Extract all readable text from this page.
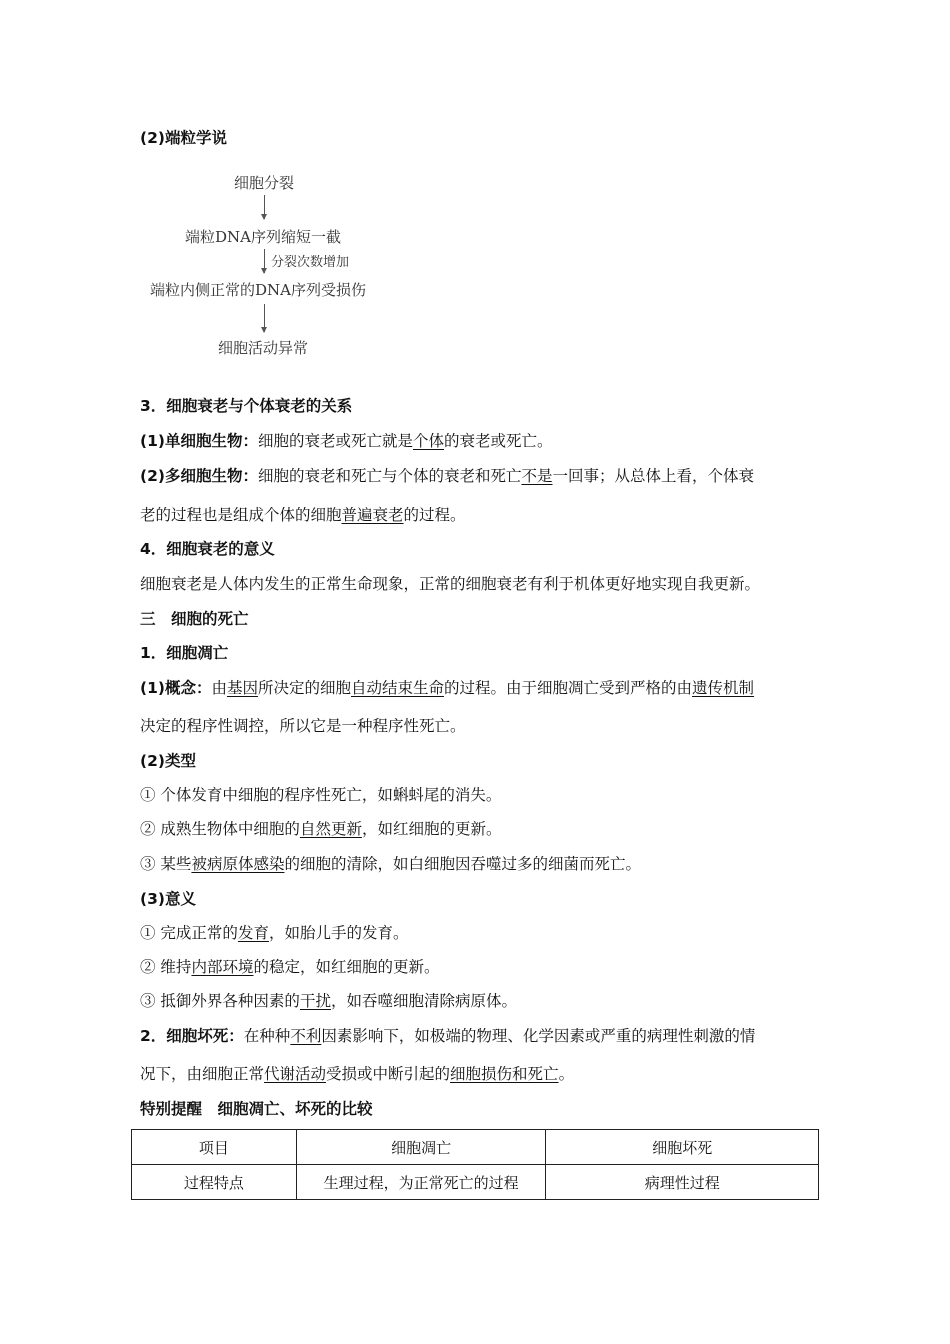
(2)端粒学说
细胞分裂
端粒DNA序列缩短一截
分裂次数增加
端粒内侧正常的DNA序列受损伤
细胞活动异常
3．细胞衰老与个体衰老的关系
(1)单细胞生物：细胞的衰老或死亡就是个体的衰老或死亡。
(2)多细胞生物：细胞的衰老和死亡与个体的衰老和死亡不是一回事；从总体上看，个体衰
老的过程也是组成个体的细胞普遍衰老的过程。
4．细胞衰老的意义
细胞衰老是人体内发生的正常生命现象，正常的细胞衰老有利于机体更好地实现自我更新。
三　细胞的死亡
1．细胞凋亡
(1)概念：由基因所决定的细胞自动结束生命的过程。由于细胞凋亡受到严格的由遗传机制
决定的程序性调控，所以它是一种程序性死亡。
(2)类型
① 个体发育中细胞的程序性死亡，如蝌蚪尾的消失。
② 成熟生物体中细胞的自然更新，如红细胞的更新。
③ 某些被病原体感染的细胞的清除，如白细胞因吞噬过多的细菌而死亡。
(3)意义
① 完成正常的发育，如胎儿手的发育。
② 维持内部环境的稳定，如红细胞的更新。
③ 抵御外界各种因素的干扰，如吞噬细胞清除病原体。
2．细胞坏死：在种种不利因素影响下，如极端的物理、化学因素或严重的病理性刺激的情
况下，由细胞正常代谢活动受损或中断引起的细胞损伤和死亡。
特别提醒　细胞凋亡、坏死的比较
项目	细胞凋亡	细胞坏死
过程特点	生理过程，为正常死亡的过程	病理性过程
